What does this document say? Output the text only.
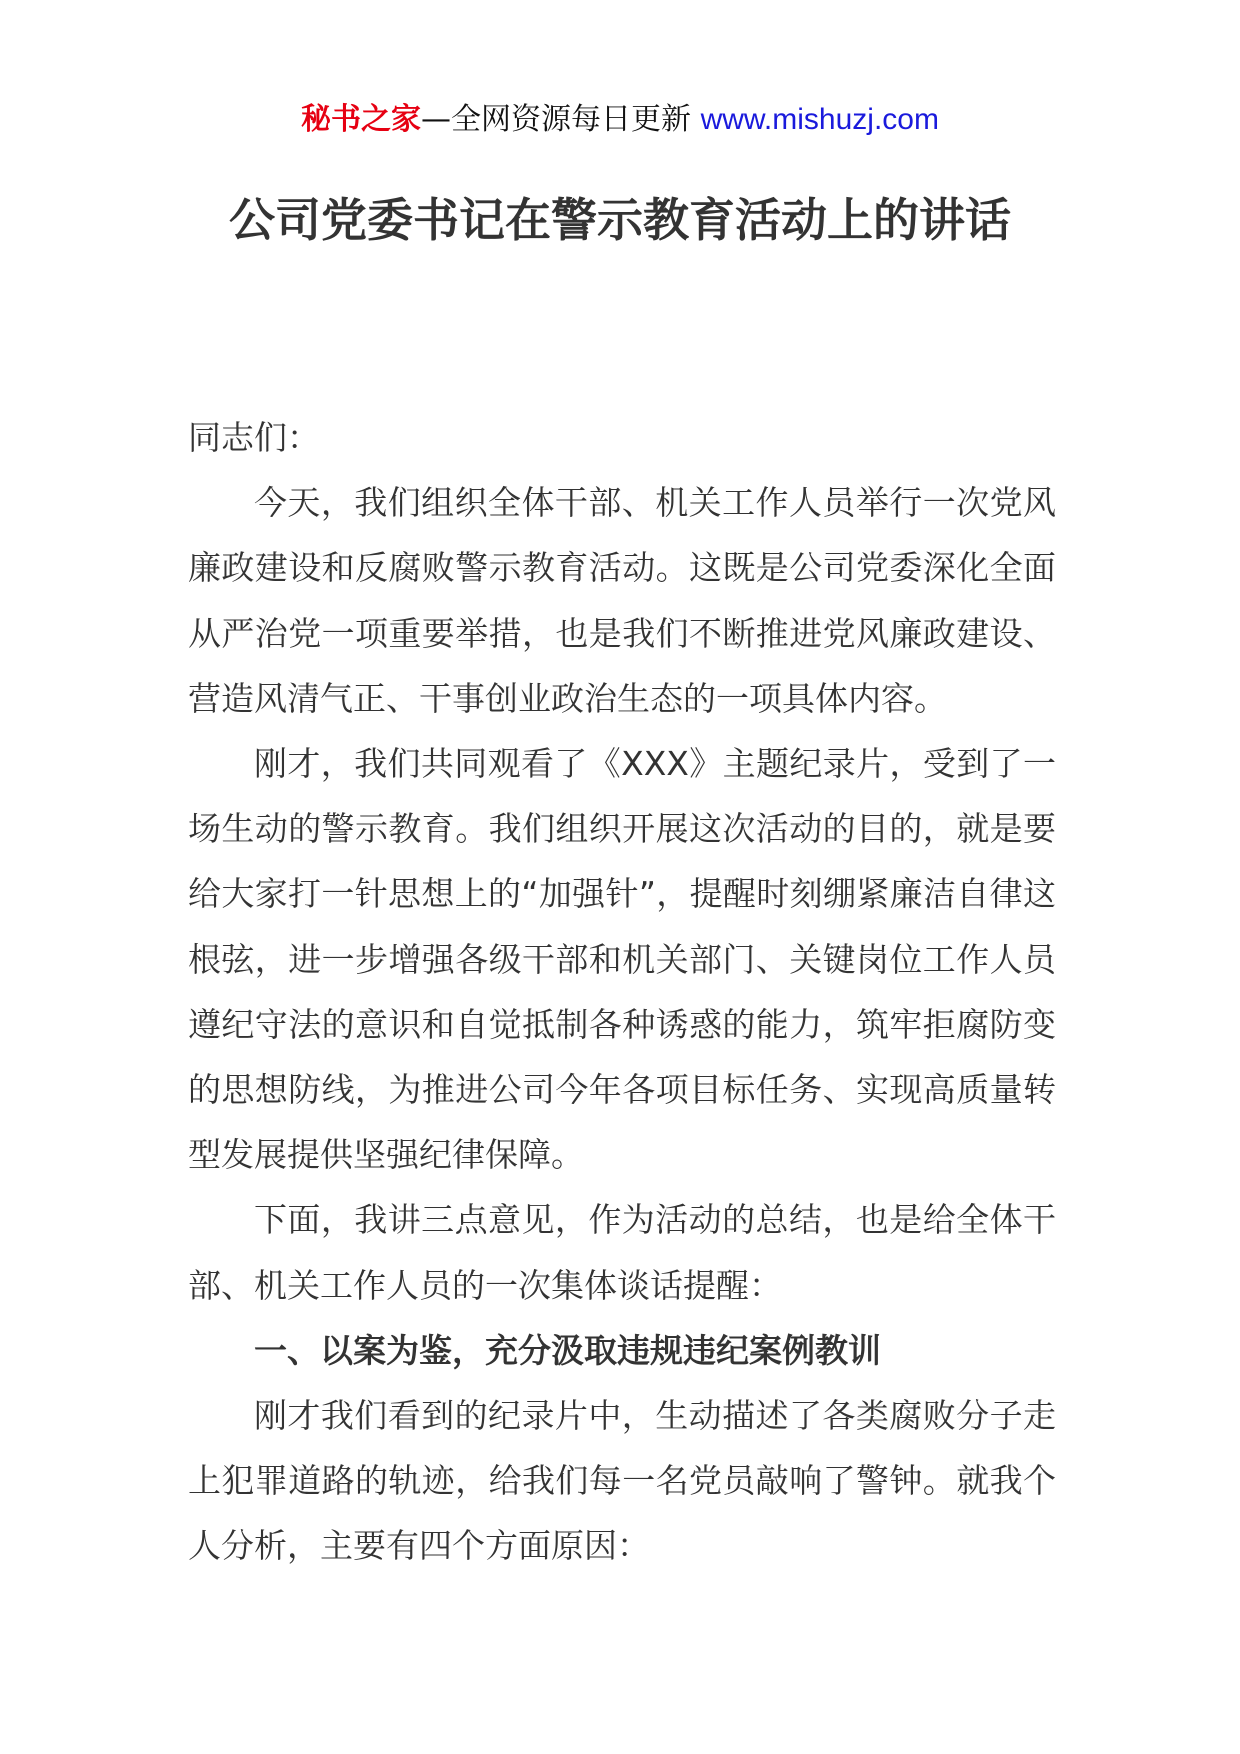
秘书之家—全网资源每日更新 www.mishuzj.com
公司党委书记在警示教育活动上的讲话

同志们：

今天，我们组织全体干部、机关工作人员举行一次党风廉政建设和反腐败警示教育活动。这既是公司党委深化全面从严治党一项重要举措，也是我们不断推进党风廉政建设、营造风清气正、干事创业政治生态的一项具体内容。

刚才，我们共同观看了《XXX》主题纪录片，受到了一场生动的警示教育。我们组织开展这次活动的目的，就是要给大家打一针思想上的“加强针”，提醒时刻绷紧廉洁自律这根弦，进一步增强各级干部和机关部门、关键岗位工作人员遵纪守法的意识和自觉抵制各种诱惑的能力，筑牢拒腐防变的思想防线，为推进公司今年各项目标任务、实现高质量转型发展提供坚强纪律保障。

下面，我讲三点意见，作为活动的总结，也是给全体干部、机关工作人员的一次集体谈话提醒：

一、以案为鉴，充分汲取违规违纪案例教训

刚才我们看到的纪录片中，生动描述了各类腐败分子走上犯罪道路的轨迹，给我们每一名党员敲响了警钟。就我个人分析，主要有四个方面原因：
